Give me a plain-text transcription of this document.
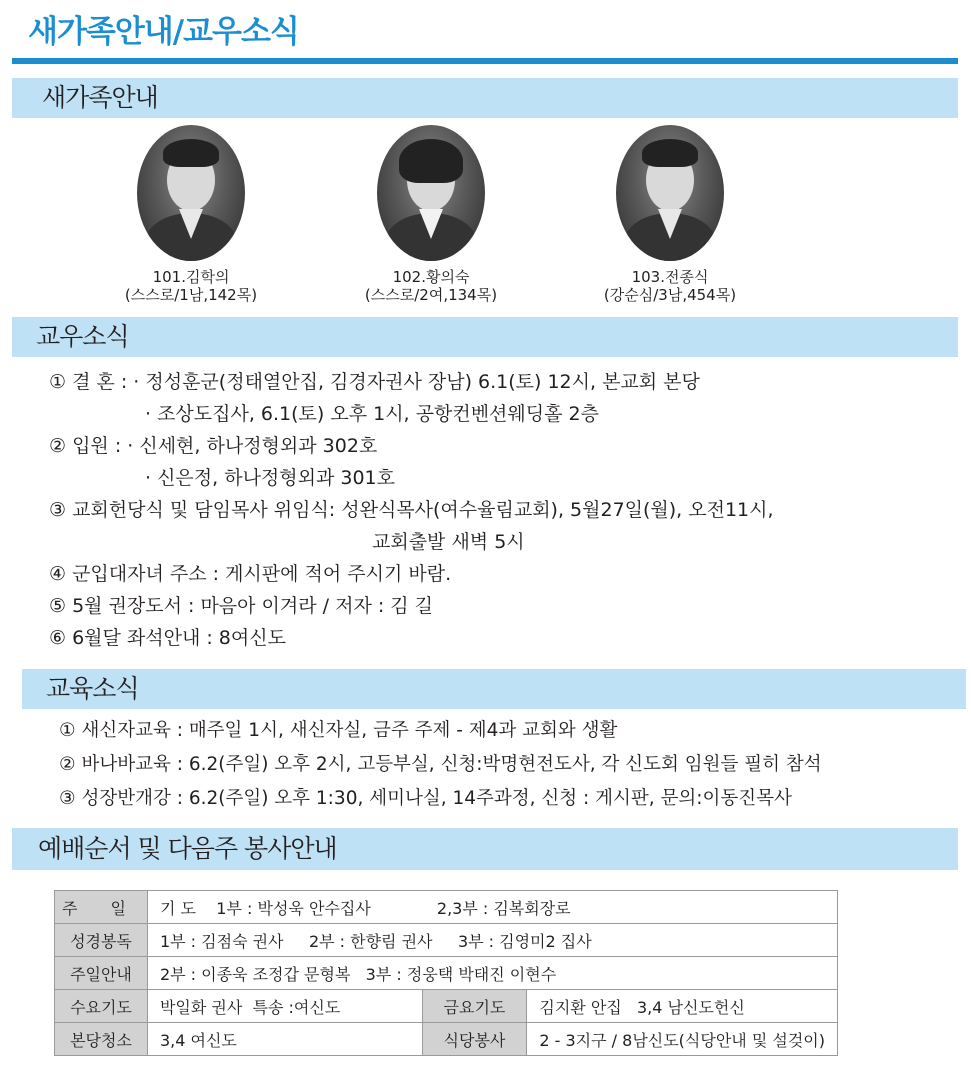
새가족안내/교우소식
새가족안내
101.김학의
(스스로/1남,142목)
102.황의숙
(스스로/2여,134목)
103.전종식
(강순심/3남,454목)
교우소식
① 결 혼 : · 정성훈군(정태열안집, 김경자권사 장남) 6.1(토) 12시, 본교회 본당
· 조상도집사, 6.1(토) 오후 1시, 공항컨벤션웨딩홀 2층
② 입원 : · 신세현, 하나정형외과 302호
· 신은정, 하나정형외과 301호
③ 교회헌당식 및 담임목사 위임식: 성완식목사(여수율림교회), 5월27일(월), 오전11시,
교회출발 새벽 5시
④ 군입대자녀 주소 : 게시판에 적어 주시기 바람.
⑤ 5월 권장도서 : 마음아 이겨라 / 저자 : 김 길
⑥ 6월달 좌석안내 : 8여신도
교육소식
① 새신자교육 : 매주일 1시, 새신자실, 금주 주제 - 제4과 교회와 생활
② 바나바교육 : 6.2(주일) 오후 2시, 고등부실, 신청:박명현전도사, 각 신도회 임원들 필히 참석
③ 성장반개강 : 6.2(주일) 오후 1:30, 세미나실, 14주과정, 신청 : 게시판, 문의:이동진목사
예배순서 및 다음주 봉사안내
주 일	기 도    1부 : 박성욱 안수집사             2,3부 : 김복회장로		
성경봉독	1부 : 김점숙 권사     2부 : 한향림 권사     3부 : 김영미2 집사		
주일안내	2부 : 이종욱 조정갑 문형복   3부 : 정웅택 박태진 이현수		
수요기도	박일화 권사  특송 :여신도	금요기도	김지환 안집   3,4 남신도헌신
본당청소	3,4 여신도	식당봉사	2 - 3지구 / 8남신도(식당안내 및 설겆이)
